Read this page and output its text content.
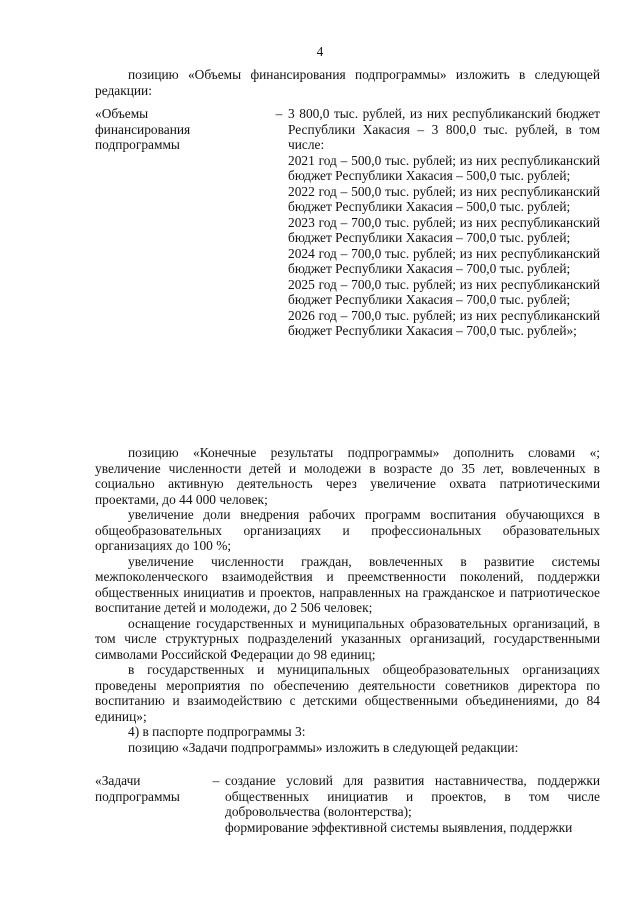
4

позицию «Объемы финансирования подпрограммы» изложить в следующей редакции:

«Объемы
финансирования
подпрограммы
– 3 800,0 тыс. рублей, из них республиканский бюджет Республики Хакасия – 3 800,0 тыс. рублей, в том числе:

2021 год – 500,0 тыс. рублей; из них республиканский бюджет Республики Хакасия – 500,0 тыс. рублей;

2022 год – 500,0 тыс. рублей; из них республиканский бюджет Республики Хакасия – 500,0 тыс. рублей;

2023 год – 700,0 тыс. рублей; из них республиканский бюджет Республики Хакасия – 700,0 тыс. рублей;

2024 год – 700,0 тыс. рублей; из них республиканский бюджет Республики Хакасия – 700,0 тыс. рублей;

2025 год – 700,0 тыс. рублей; из них республиканский бюджет Республики Хакасия – 700,0 тыс. рублей;

2026 год – 700,0 тыс. рублей; из них республиканский бюджет Республики Хакасия – 700,0 тыс. рублей»;

позицию «Конечные результаты подпрограммы» дополнить словами «; увеличение численности детей и молодежи в возрасте до 35 лет, вовлеченных в социально активную деятельность через увеличение охвата патриотическими проектами, до 44 000 человек;

увеличение доли внедрения рабочих программ воспитания обучающихся в общеобразовательных организациях и профессиональных образовательных организациях до 100 %;

увеличение численности граждан, вовлеченных в развитие системы межпоколенческого взаимодействия и преемственности поколений, поддержки общественных инициатив и проектов, направленных на гражданское и патриотическое воспитание детей и молодежи, до 2 506 человек;

оснащение государственных и муниципальных образовательных организаций, в том числе структурных подразделений указанных организаций, государственными символами Российской Федерации до 98 единиц;

в государственных и муниципальных общеобразовательных организациях проведены мероприятия по обеспечению деятельности советников директора по воспитанию и взаимодействию с детскими общественными объединениями, до 84 единиц»;

4) в паспорте подпрограммы 3:

позицию «Задачи подпрограммы» изложить в следующей редакции:

«Задачи
подпрограммы
– создание условий для развития наставничества, поддержки общественных инициатив и проектов, в том числе добровольчества (волонтерства);

формирование эффективной системы выявления, поддержки
